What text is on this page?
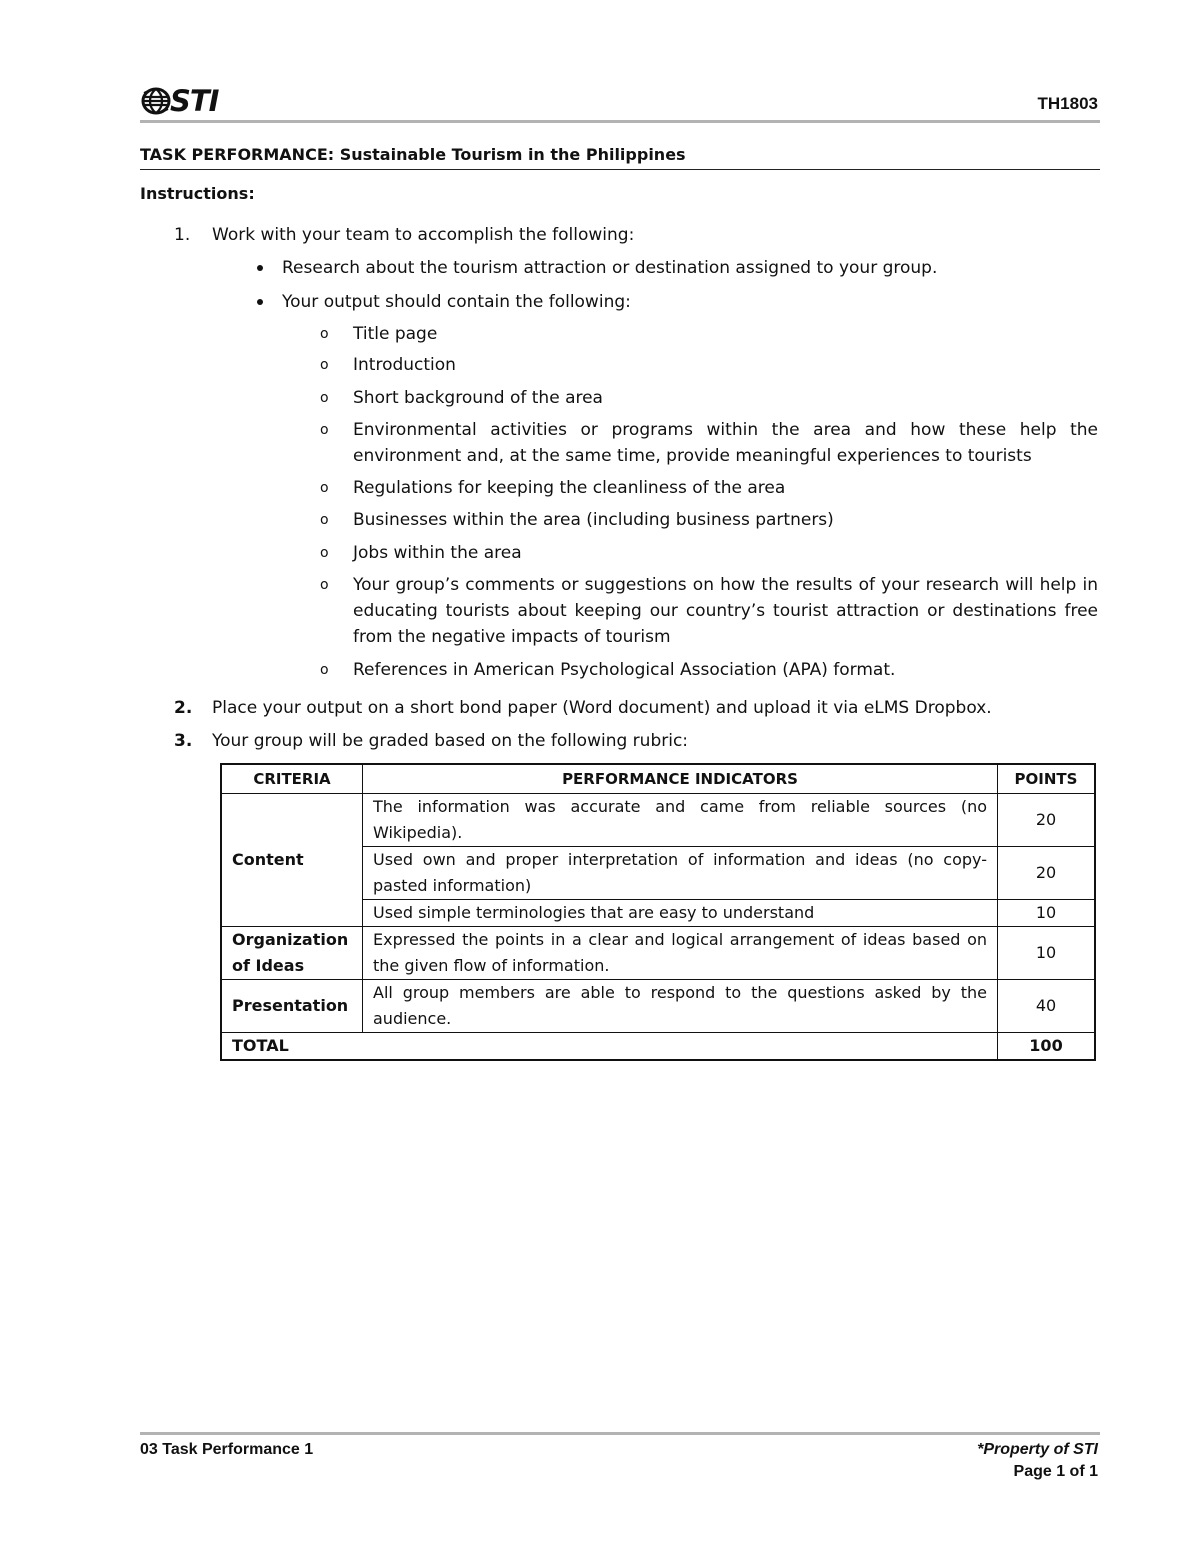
STI	TH1803
TASK PERFORMANCE: Sustainable Tourism in the Philippines
Instructions:
1. Work with your team to accomplish the following:
Research about the tourism attraction or destination assigned to your group.
Your output should contain the following:
o Title page
o Introduction
o Short background of the area
o Environmental activities or programs within the area and how these help the environment and, at the same time, provide meaningful experiences to tourists
o Regulations for keeping the cleanliness of the area
o Businesses within the area (including business partners)
o Jobs within the area
o Your group’s comments or suggestions on how the results of your research will help in educating tourists about keeping our country’s tourist attraction or destinations free from the negative impacts of tourism
o References in American Psychological Association (APA) format.
2. Place your output on a short bond paper (Word document) and upload it via eLMS Dropbox.
3. Your group will be graded based on the following rubric:
CRITERIA	PERFORMANCE INDICATORS	POINTS
Content	The information was accurate and came from reliable sources (no Wikipedia).	20
	Used own and proper interpretation of information and ideas (no copy-pasted information)	20
	Used simple terminologies that are easy to understand	10
Organization of Ideas	Expressed the points in a clear and logical arrangement of ideas based on the given flow of information.	10
Presentation	All group members are able to respond to the questions asked by the audience.	40
TOTAL		100
03 Task Performance 1	*Property of STI
Page 1 of 1
